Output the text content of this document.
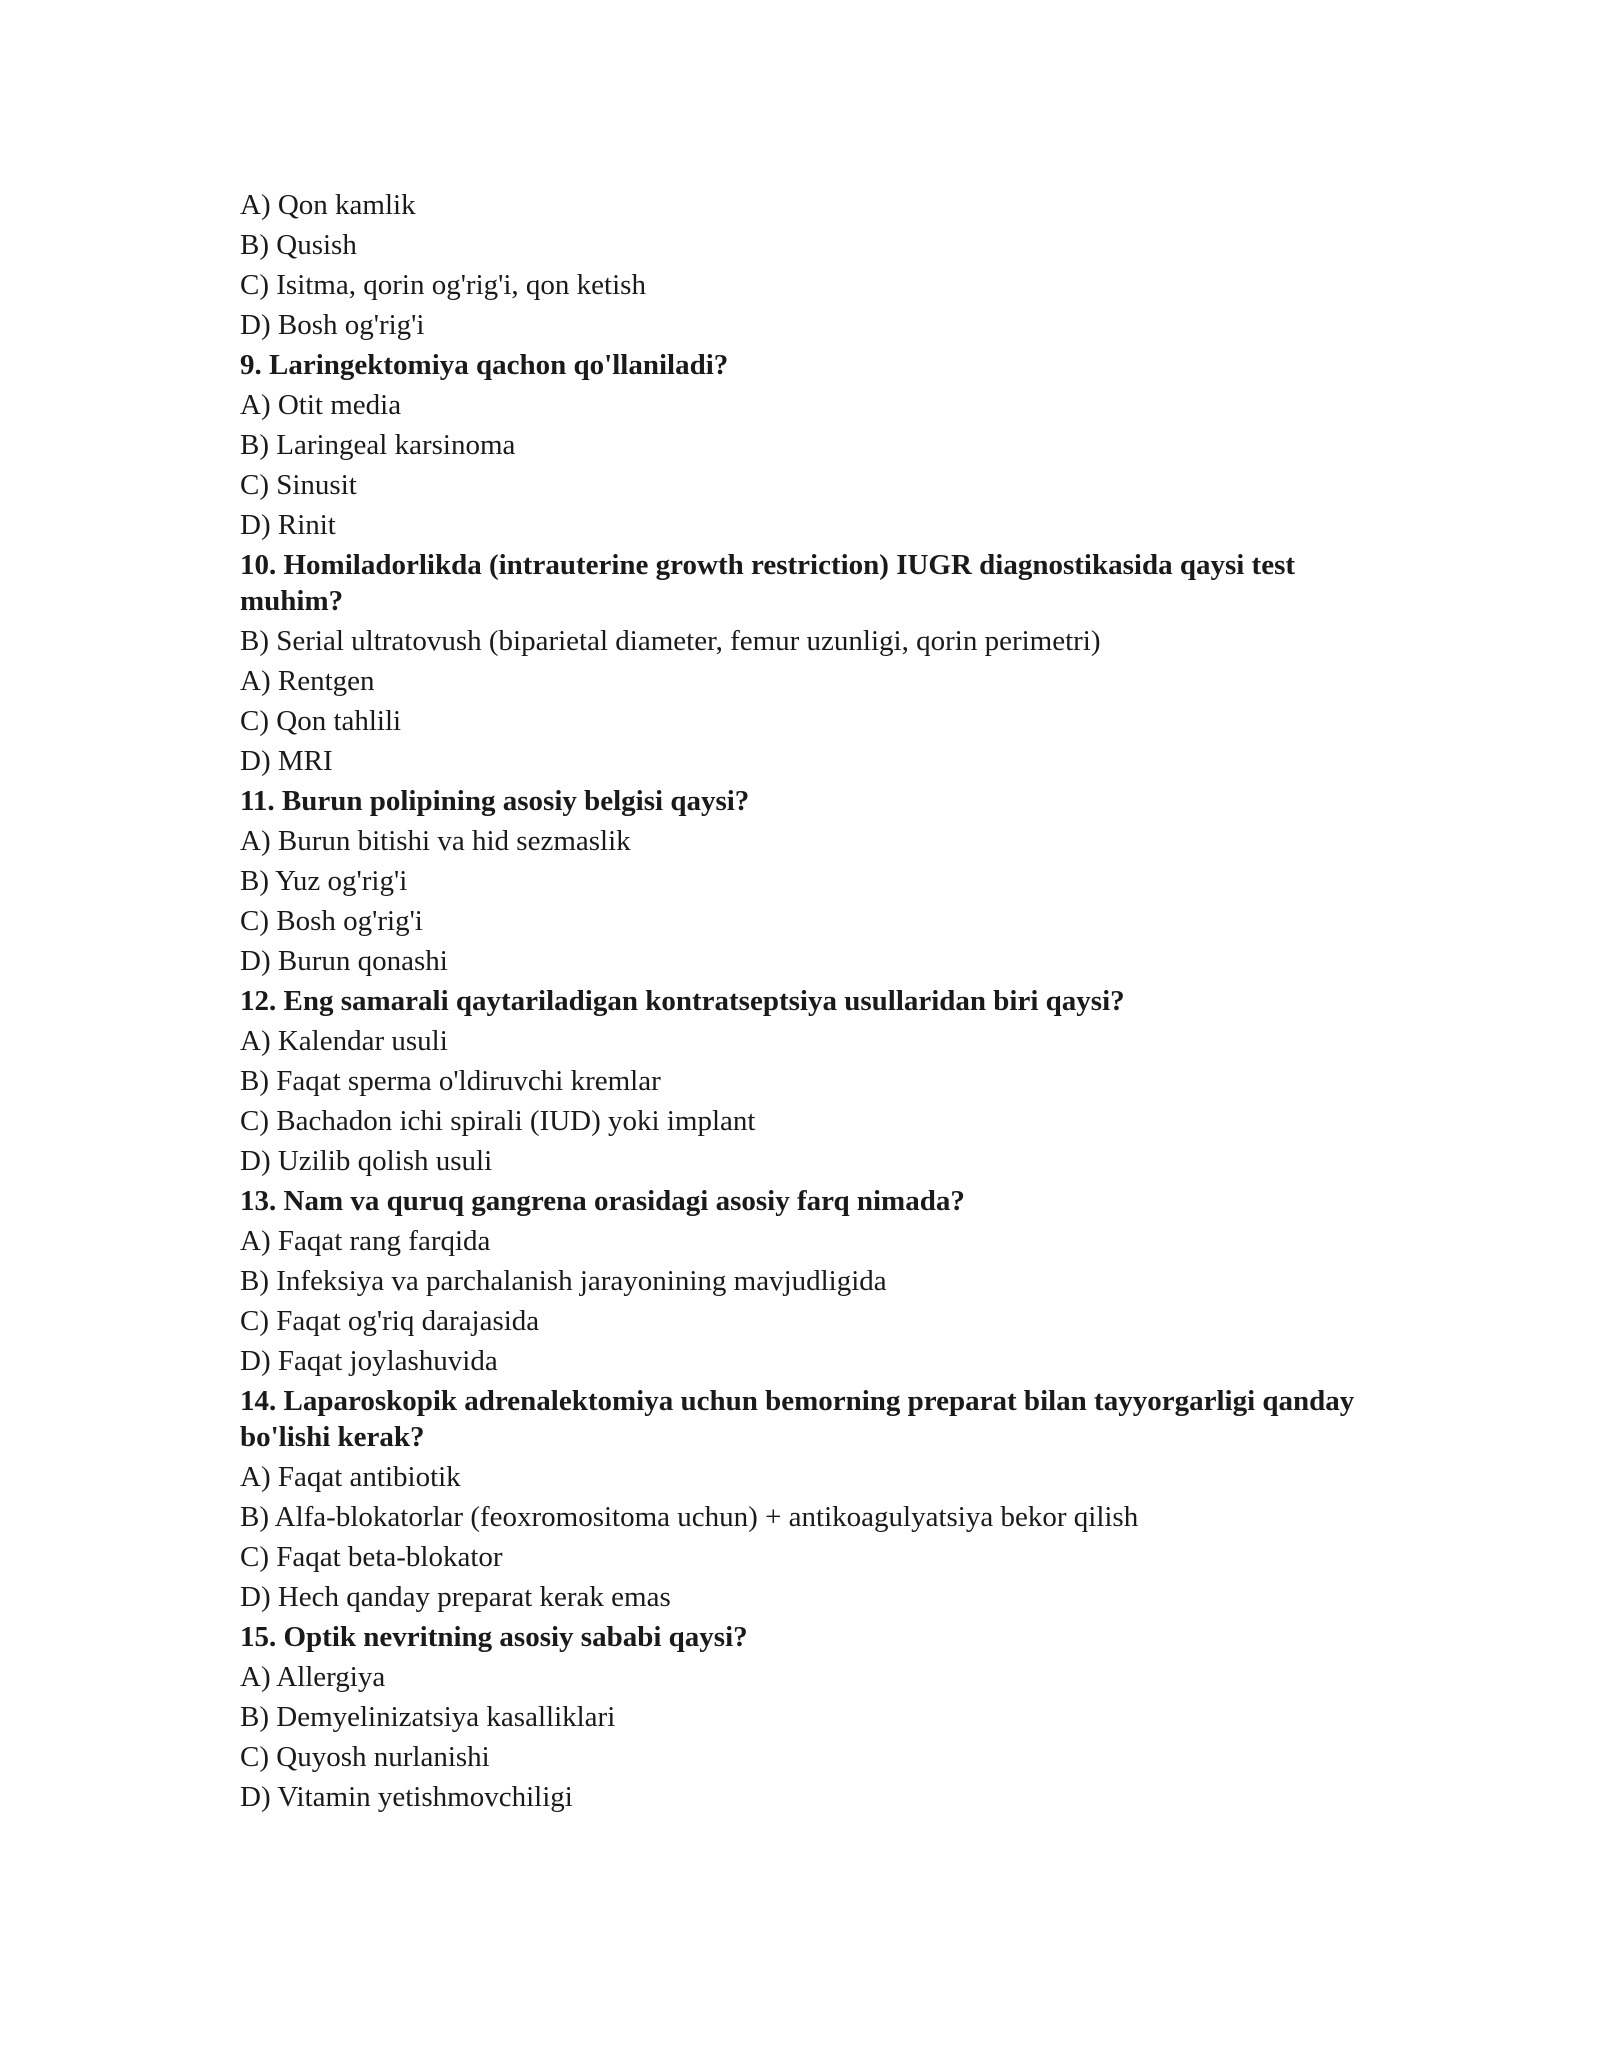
A) Qon kamlik

B) Qusish

C) Isitma, qorin og'rig'i, qon ketish

D) Bosh og'rig'i

9. Laringektomiya qachon qo'llaniladi?

A) Otit media

B) Laringeal karsinoma

C) Sinusit

D) Rinit

10. Homiladorlikda (intrauterine growth restriction) IUGR diagnostikasida qaysi test muhim?

B) Serial ultratovush (biparietal diameter, femur uzunligi, qorin perimetri)

A) Rentgen

C) Qon tahlili

D) MRI

11. Burun polipining asosiy belgisi qaysi?

A) Burun bitishi va hid sezmaslik

B) Yuz og'rig'i

C) Bosh og'rig'i

D) Burun qonashi

12. Eng samarali qaytariladigan kontratseptsiya usullaridan biri qaysi?

A) Kalendar usuli

B) Faqat sperma o'ldiruvchi kremlar

C) Bachadon ichi spirali (IUD) yoki implant

D) Uzilib qolish usuli

13. Nam va quruq gangrena orasidagi asosiy farq nimada?

A) Faqat rang farqida

B) Infeksiya va parchalanish jarayonining mavjudligida

C) Faqat og'riq darajasida

D) Faqat joylashuvida

14. Laparoskopik adrenalektomiya uchun bemorning preparat bilan tayyorgarligi qanday bo'lishi kerak?

A) Faqat antibiotik

B) Alfa-blokatorlar (feoxromositoma uchun) + antikoagulyatsiya bekor qilish

C) Faqat beta-blokator

D) Hech qanday preparat kerak emas

15. Optik nevritning asosiy sababi qaysi?

A) Allergiya

B) Demyelinizatsiya kasalliklari

C) Quyosh nurlanishi

D) Vitamin yetishmovchiligi
